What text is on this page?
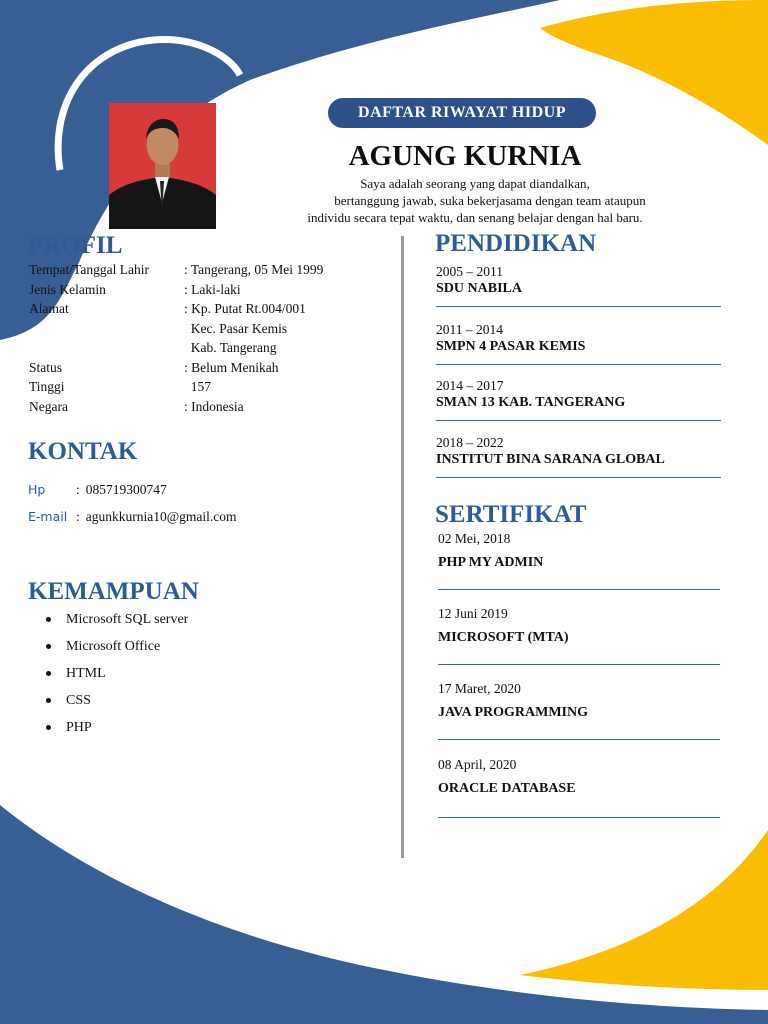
DAFTAR RIWAYAT HIDUP
AGUNG KURNIA
Saya adalah seorang yang dapat diandalkan,
bertanggung jawab, suka bekerjasama dengan team ataupun
individu secara tepat waktu, dan senang belajar dengan hal baru.
PROFIL
Tempat/Tanggal Lahir	: Tangerang, 05 Mei 1999
Jenis Kelamin	: Laki-laki
Alamat	: Kp. Putat Rt.004/001
Kec. Pasar Kemis
Kab. Tangerang
Status	: Belum Menikah
Tinggi	157
Negara	: Indonesia
KONTAK
Hp : 085719300747
E-mail : agunkkurnia10@gmail.com
KEMAMPUAN
Microsoft SQL server
Microsoft Office
HTML
CSS
PHP
PENDIDIKAN
2005 – 2011
SDU NABILA
2011 – 2014
SMPN 4 PASAR KEMIS
2014 – 2017
SMAN 13 KAB. TANGERANG
2018 – 2022
INSTITUT BINA SARANA GLOBAL
SERTIFIKAT
02 Mei, 2018
PHP MY ADMIN
12 Juni 2019
MICROSOFT (MTA)
17 Maret, 2020
JAVA PROGRAMMING
08 April, 2020
ORACLE DATABASE
